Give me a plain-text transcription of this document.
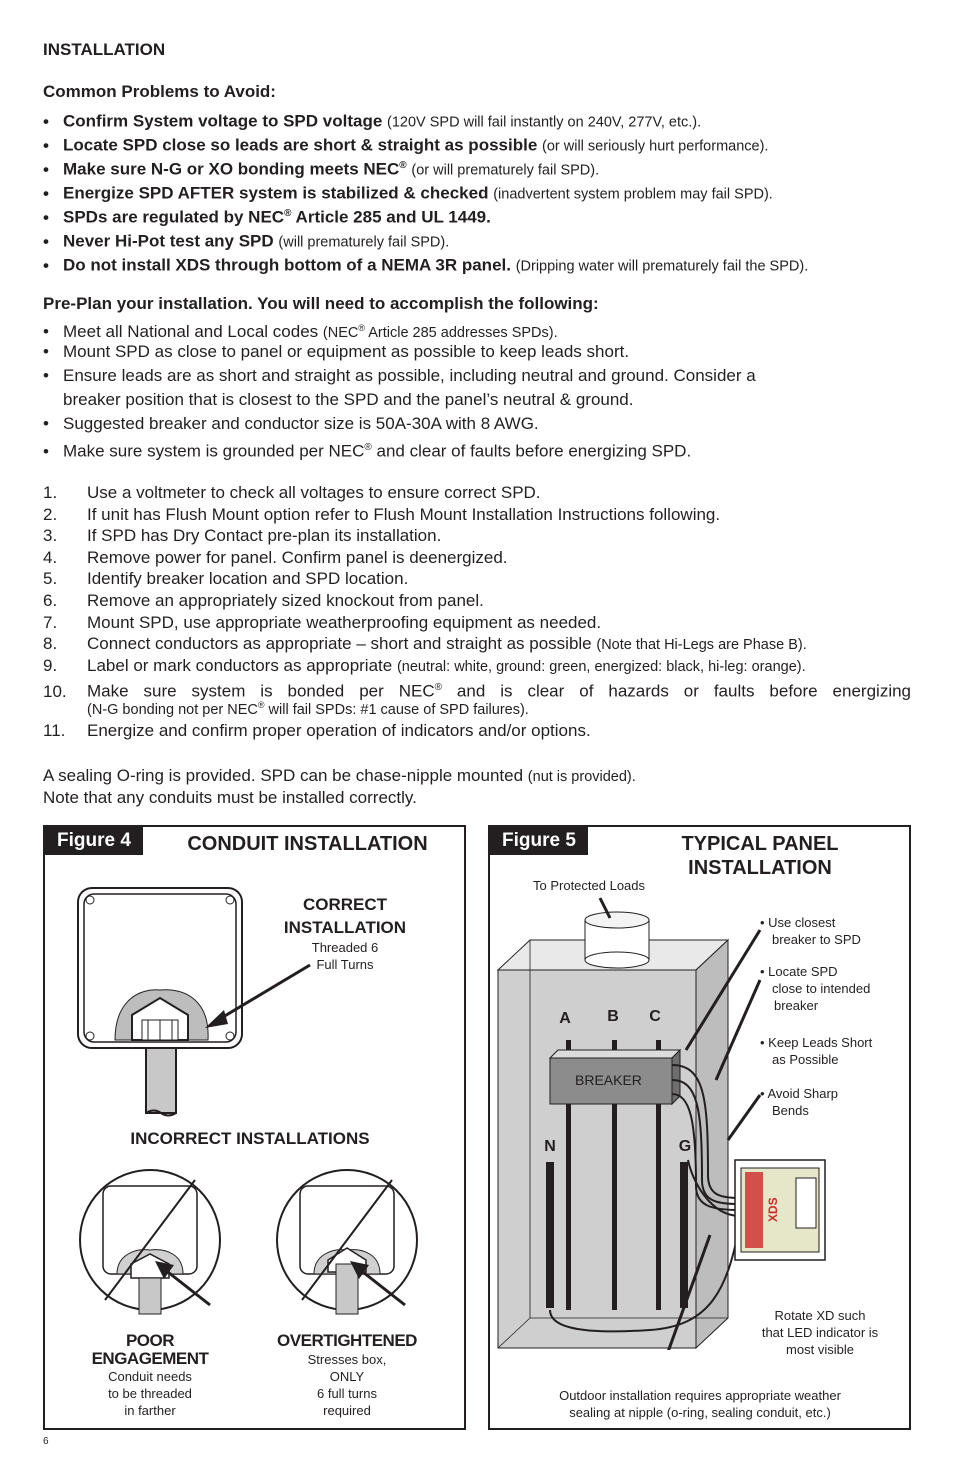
INSTALLATION
Common Problems to Avoid:
• Confirm System voltage to SPD voltage (120V SPD will fail instantly on 240V, 277V, etc.).
• Locate SPD close so leads are short & straight as possible (or will seriously hurt performance).
• Make sure N-G or XO bonding meets NEC® (or will prematurely fail SPD).
• Energize SPD AFTER system is stabilized & checked (inadvertent system problem may fail SPD).
• SPDs are regulated by NEC® Article 285 and UL 1449.
• Never Hi-Pot test any SPD (will prematurely fail SPD).
• Do not install XDS through bottom of a NEMA 3R panel. (Dripping water will prematurely fail the SPD).
Pre-Plan your installation. You will need to accomplish the following:
• Meet all National and Local codes (NEC® Article 285 addresses SPDs).
• Mount SPD as close to panel or equipment as possible to keep leads short.
• Ensure leads are as short and straight as possible, including neutral and ground. Consider a
breaker position that is closest to the SPD and the panel’s neutral & ground.
• Suggested breaker and conductor size is 50A-30A with 8 AWG.
• Make sure system is grounded per NEC® and clear of faults before energizing SPD.
1. Use a voltmeter to check all voltages to ensure correct SPD.
2. If unit has Flush Mount option refer to Flush Mount Installation Instructions following.
3. If SPD has Dry Contact pre-plan its installation.
4. Remove power for panel. Confirm panel is deenergized.
5. Identify breaker location and SPD location.
6. Remove an appropriately sized knockout from panel.
7. Mount SPD, use appropriate weatherproofing equipment as needed.
8. Connect conductors as appropriate – short and straight as possible (Note that Hi-Legs are Phase B).
9. Label or mark conductors as appropriate (neutral: white, ground: green, energized: black, hi-leg: orange).
10. Make sure system is bonded per NEC® and is clear of hazards or faults before energizing
(N-G bonding not per NEC® will fail SPDs: #1 cause of SPD failures).
11. Energize and confirm proper operation of indicators and/or options.
A sealing O-ring is provided. SPD can be chase-nipple mounted (nut is provided).
Note that any conduits must be installed correctly.
Figure 4	CONDUIT INSTALLATION
CORRECT
INSTALLATION
Threaded 6
Full Turns
INCORRECT INSTALLATIONS
POOR
ENGAGEMENT
Conduit needs
to be threaded
in farther
OVERTIGHTENED
Stresses box,
ONLY
6 full turns
required
Figure 5	TYPICAL PANEL
INSTALLATION
To Protected Loads
A	B	C
BREAKER
N	G
XDS
• Use closest
breaker to SPD
• Locate SPD
close to intended
breaker
• Keep Leads Short
as Possible
• Avoid Sharp
Bends
Rotate XD such
that LED indicator is
most visible
Outdoor installation requires appropriate weather
sealing at nipple (o-ring, sealing conduit, etc.)
6
